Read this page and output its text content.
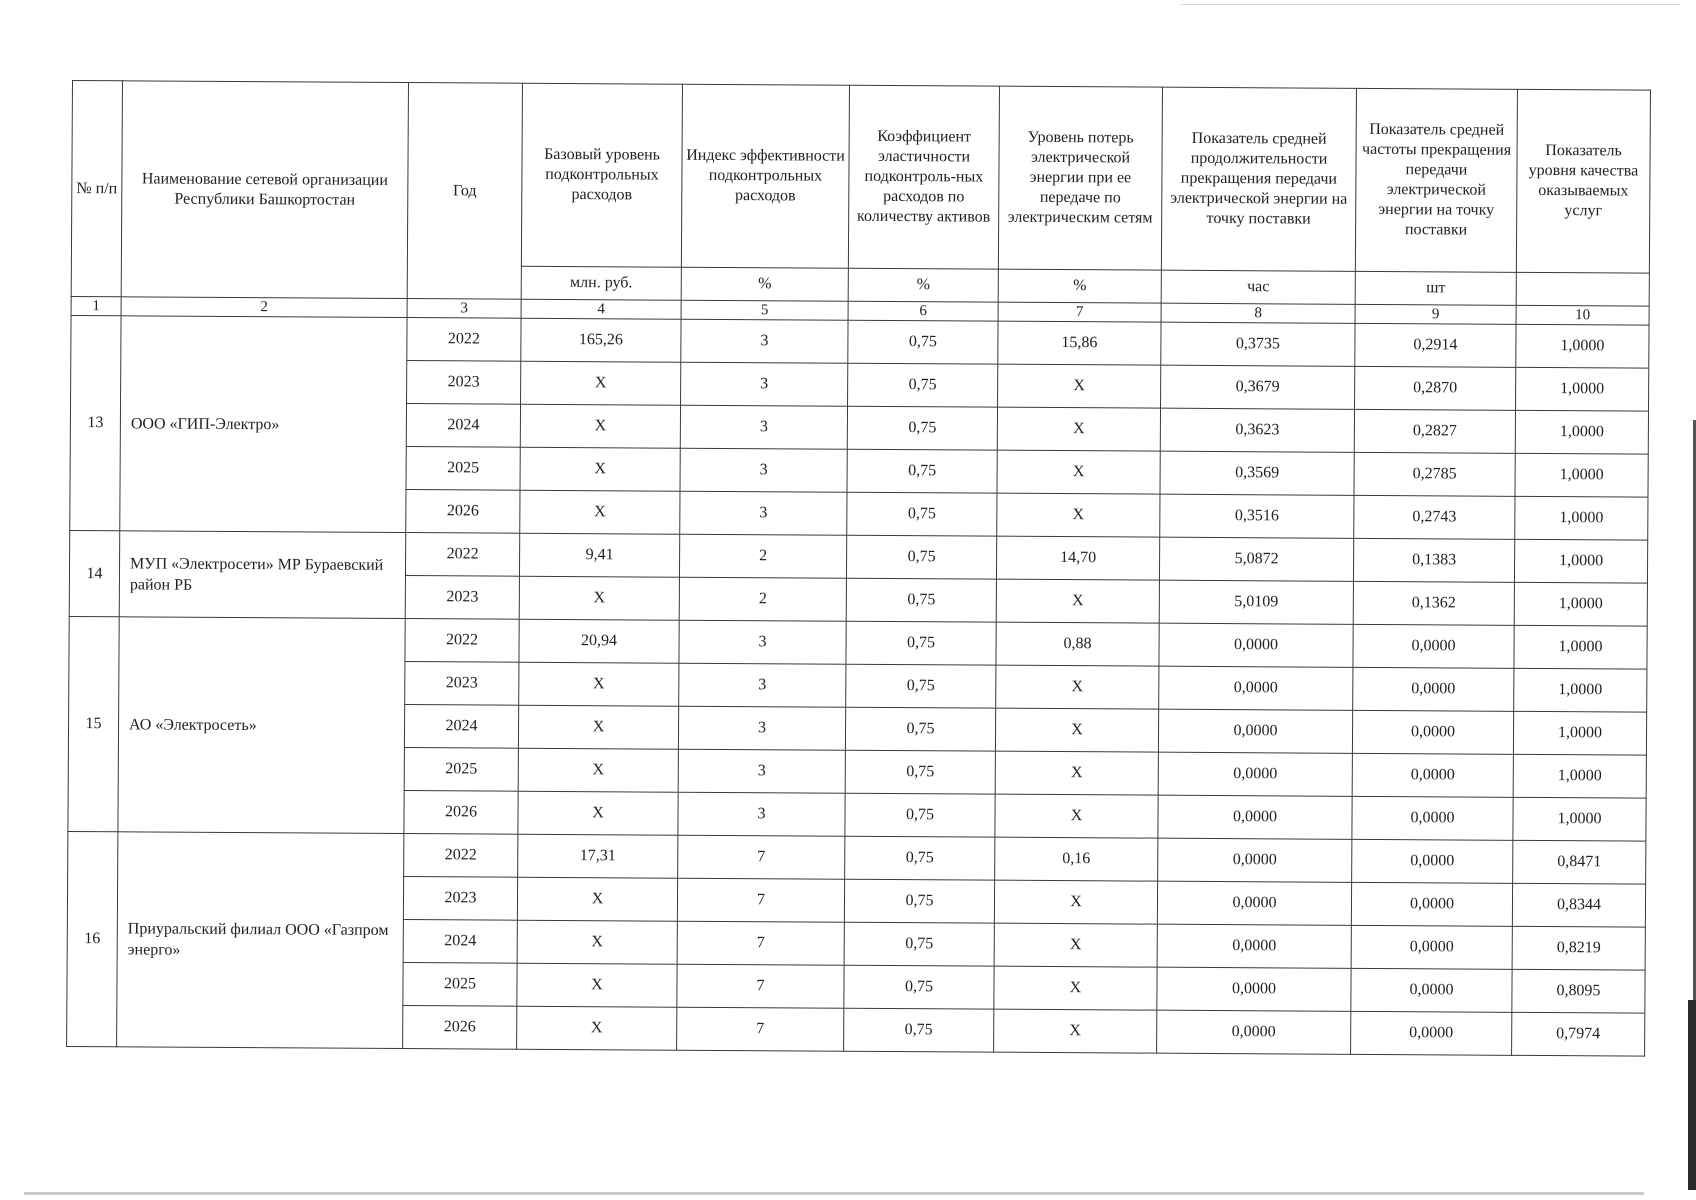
№ п/п	Наименование сетевой организации Республики Башкортостан	Год	Базовый уровень подконтрольных расходов	Индекс эффективности подконтрольных расходов	Коэффициент эластичности подконтроль-ных расходов по количеству активов	Уровень потерь электрической энергии при ее передаче по электрическим сетям	Показатель средней продолжительности прекращения передачи электрической энергии на точку поставки	Показатель средней частоты прекращения передачи электрической энергии на точку поставки	Показатель уровня качества оказываемых услуг
			млн. руб.	%	%	%	час	шт	
1	2	3	4	5	6	7	8	9	10
13	ООО «ГИП-Электро»	2022	165,26	3	0,75	15,86	0,3735	0,2914	1,0000
		2023	X	3	0,75	X	0,3679	0,2870	1,0000
		2024	X	3	0,75	X	0,3623	0,2827	1,0000
		2025	X	3	0,75	X	0,3569	0,2785	1,0000
		2026	X	3	0,75	X	0,3516	0,2743	1,0000
14	МУП «Электросети» МР Бураевский район РБ	2022	9,41	2	0,75	14,70	5,0872	0,1383	1,0000
		2023	X	2	0,75	X	5,0109	0,1362	1,0000
15	АО «Электросеть»	2022	20,94	3	0,75	0,88	0,0000	0,0000	1,0000
		2023	X	3	0,75	X	0,0000	0,0000	1,0000
		2024	X	3	0,75	X	0,0000	0,0000	1,0000
		2025	X	3	0,75	X	0,0000	0,0000	1,0000
		2026	X	3	0,75	X	0,0000	0,0000	1,0000
16	Приуральский филиал ООО «Газпром энерго»	2022	17,31	7	0,75	0,16	0,0000	0,0000	0,8471
		2023	X	7	0,75	X	0,0000	0,0000	0,8344
		2024	X	7	0,75	X	0,0000	0,0000	0,8219
		2025	X	7	0,75	X	0,0000	0,0000	0,8095
		2026	X	7	0,75	X	0,0000	0,0000	0,7974
